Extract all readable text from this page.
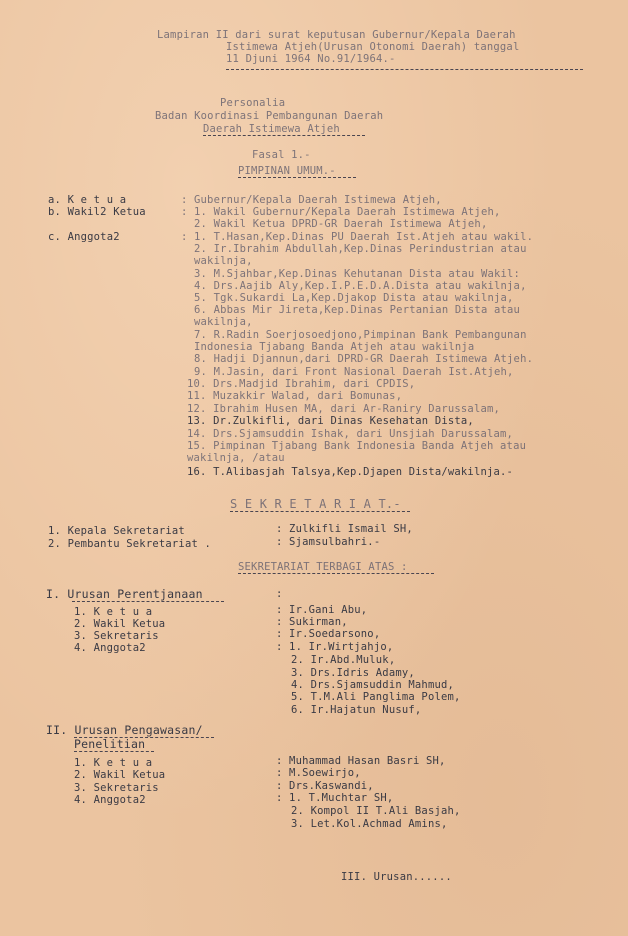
Lampiran II dari surat keputusan Gubernur/Kepala Daerah
Istimewa Atjeh(Urusan Otonomi Daerah) tanggal
11 Djuni 1964 No.91/1964.-
Personalia
Badan Koordinasi Pembangunan Daerah
Daerah Istimewa Atjeh
Fasal 1.-
PIMPINAN UMUM.-
a. K e t u a	: Gubernur/Kepala Daerah Istimewa Atjeh,
b. Wakil2 Ketua	: 1. Wakil Gubernur/Kepala Daerah Istimewa Atjeh,
2. Wakil Ketua DPRD-GR Daerah Istimewa Atjeh,
c. Anggota2	: 1. T.Hasan,Kep.Dinas PU Daerah Ist.Atjeh atau wakil.
2. Ir.Ibrahim Abdullah,Kep.Dinas Perindustrian atau
wakilnja,
3. M.Sjahbar,Kep.Dinas Kehutanan Dista atau Wakil:
4. Drs.Aajib Aly,Kep.I.P.E.D.A.Dista atau wakilnja,
5. Tgk.Sukardi La,Kep.Djakop Dista atau wakilnja,
6. Abbas Mir Jireta,Kep.Dinas Pertanian Dista atau
wakilnja,
7. R.Radin Soerjosoedjono,Pimpinan Bank Pembangunan
Indonesia Tjabang Banda Atjeh atau wakilnja
8. Hadji Djannun,dari DPRD-GR Daerah Istimewa Atjeh.
9. M.Jasin, dari Front Nasional Daerah Ist.Atjeh,
10. Drs.Madjid Ibrahim, dari CPDIS,
11. Muzakkir Walad, dari Bomunas,
12. Ibrahim Husen MA, dari Ar-Raniry Darussalam,
13. Dr.Zulkifli, dari Dinas Kesehatan Dista,
14. Drs.Sjamsuddin Ishak, dari Unsjiah Darussalam,
15. Pimpinan Tjabang Bank Indonesia Banda Atjeh atau
wakilnja, /atau
16. T.Alibasjah Talsya,Kep.Djapen Dista/wakilnja.-
S E K R E T A R I A T.-
1. Kepala Sekretariat	: Zulkifli Ismail SH,
2. Pembantu Sekretariat .	: Sjamsulbahri.-
SEKRETARIAT TERBAGI ATAS :
I. Urusan Perentjanaan	:
1. K e t u a	: Ir.Gani Abu,
2. Wakil Ketua	: Sukirman,
3. Sekretaris	: Ir.Soedarsono,
4. Anggota2	: 1. Ir.Wirtjahjo,
2. Ir.Abd.Muluk,
3. Drs.Idris Adamy,
4. Drs.Sjamsuddin Mahmud,
5. T.M.Ali Panglima Polem,
6. Ir.Hajatun Nusuf,
II. Urusan Pengawasan/
Penelitian
1. K e t u a	: Muhammad Hasan Basri SH,
2. Wakil Ketua	: M.Soewirjo,
3. Sekretaris	: Drs.Kaswandi,
4. Anggota2	: 1. T.Muchtar SH,
2. Kompol II T.Ali Basjah,
3. Let.Kol.Achmad Amins,
III. Urusan......
